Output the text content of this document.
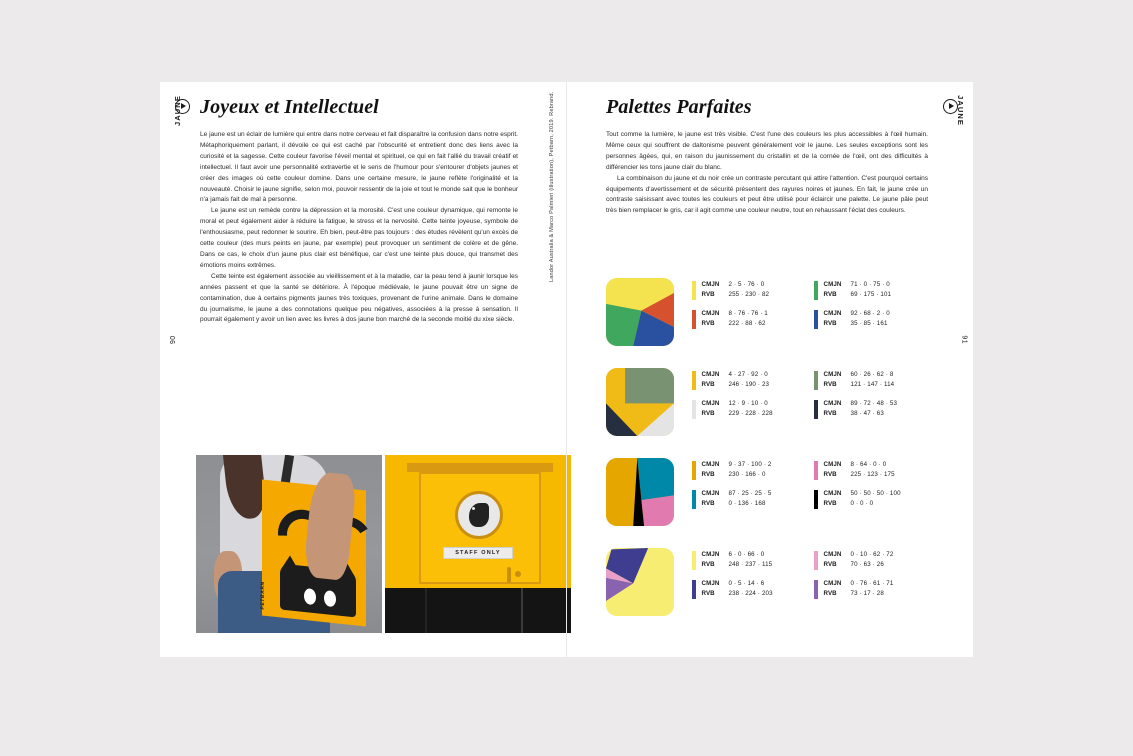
JAUNE
90
Joyeux et Intellectuel

Le jaune est un éclair de lumière qui entre dans notre cerveau et fait disparaître la confusion dans notre esprit. Métaphoriquement parlant, il dévoile ce qui est caché par l'obscurité et entretient donc des liens avec la curiosité et la sagesse. Cette couleur favorise l'éveil mental et spirituel, ce qui en fait l'allié du travail créatif et intellectuel. Il faut avoir une personnalité extravertie et le sens de l'humour pour s'entourer d'objets jaunes et créer des images où cette couleur domine. Dans une certaine mesure, le jaune reflète l'originalité et la nouveauté. Choisir le jaune signifie, selon moi, pouvoir ressentir de la joie et tout le monde sait que le bonheur n'a jamais fait de mal à personne.

Le jaune est un remède contre la dépression et la morosité. C'est une couleur dynamique, qui remonte le moral et peut également aider à réduire la fatigue, le stress et la nervosité. Cette teinte joyeuse, symbole de l'enthousiasme, peut redonner le sourire. Eh bien, peut-être pas toujours : des études révèlent qu'un excès de cette couleur (des murs peints en jaune, par exemple) peut provoquer un sentiment de colère et de gêne. Dans ce cas, le choix d'un jaune plus clair est bénéfique, car c'est une teinte plus douce, qui transmet des émotions moins extrêmes.

Cette teinte est également associée au vieillissement et à la maladie, car la peau tend à jaunir lorsque les années passent et que la santé se détériore. À l'époque médiévale, le jaune pouvait être un signe de contamination, due à certains pigments jaunes très toxiques, provenant de l'urine animale. Dans le domaine du journalisme, le jaune a des connotations quelque peu négatives, associées à la presse à sensation. Il pourrait également y avoir un lien avec les livres à dos jaune bon marché de la seconde moitié du xixe siècle.

PETBARN
STAFF ONLY
Landor Australia & Marco Palmieri (illustration), Petbarn, 2019. Rebrand.	JAUNE
91
Palettes Parfaites

Tout comme la lumière, le jaune est très visible. C'est l'une des couleurs les plus accessibles à l'œil humain. Même ceux qui souffrent de daltonisme peuvent généralement voir le jaune. Les seules exceptions sont les personnes âgées, qui, en raison du jaunissement du cristallin et de la cornée de l'œil, ont des difficultés à différencier les tons jaune clair du blanc.

La combinaison du jaune et du noir crée un contraste percutant qui attire l'attention. C'est pourquoi certains équipements d'avertissement et de sécurité présentent des rayures noires et jaunes. En fait, le jaune crée un contraste saisissant avec toutes les couleurs et peut être utilisé pour éclaircir une palette. Le jaune pâle peut très bien remplacer le gris, car il agit comme une couleur neutre, tout en rehaussant l'éclat des couleurs.

CMJN	2 · 5 · 76 · 0
RVB	255 · 230 · 82
CMJN	8 · 76 · 76 · 1
RVB	222 · 88 · 62
CMJN	71 · 0 · 75 · 0
RVB	69 · 175 · 101
CMJN	92 · 68 · 2 · 0
RVB	35 · 85 · 161
CMJN	4 · 27 · 92 · 0
RVB	246 · 190 · 23
CMJN	12 · 9 · 10 · 0
RVB	229 · 228 · 228
CMJN	60 · 26 · 62 · 8
RVB	121 · 147 · 114
CMJN	89 · 72 · 48 · 53
RVB	38 · 47 · 63
CMJN	9 · 37 · 100 · 2
RVB	230 · 166 · 0
CMJN	87 · 25 · 25 · 5
RVB	0 · 136 · 168
CMJN	8 · 64 · 0 · 0
RVB	225 · 123 · 175
CMJN	50 · 50 · 50 · 100
RVB	0 · 0 · 0
CMJN	6 · 0 · 66 · 0
RVB	248 · 237 · 115
CMJN	0 · 5 · 14 · 6
RVB	238 · 224 · 203
CMJN	0 · 10 · 62 · 72
RVB	70 · 63 · 26
CMJN	0 · 76 · 61 · 71
RVB	73 · 17 · 28
